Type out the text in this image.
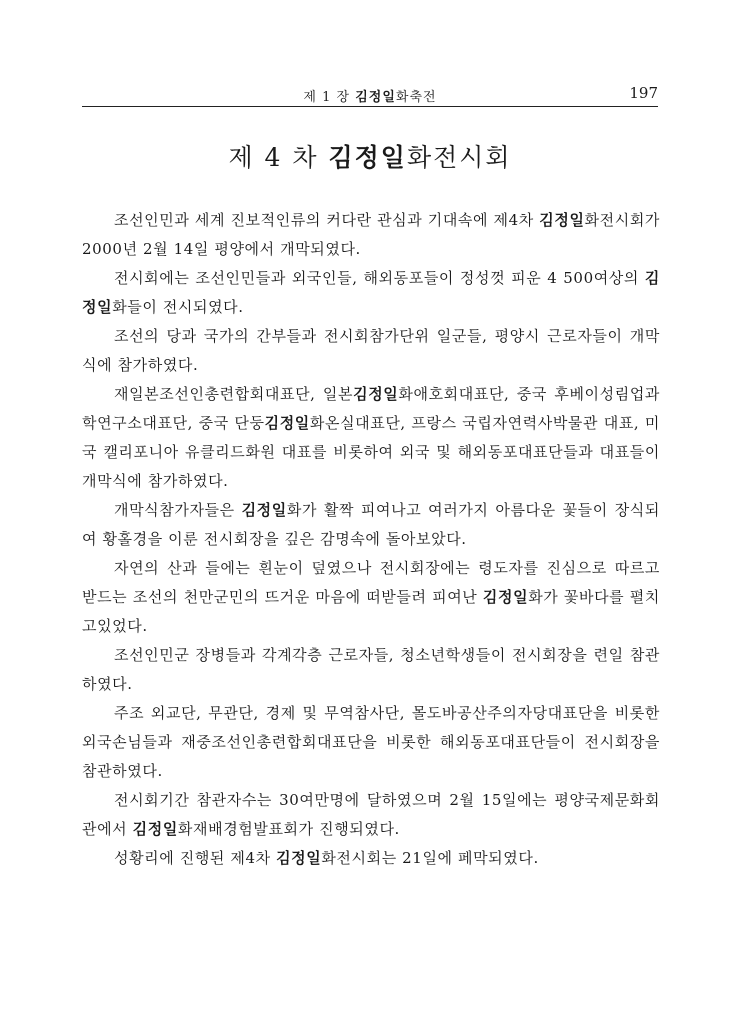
제 1 장 김정일화축전	197
제 4 차 김정일화전시회

조선인민과 세계 진보적인류의 커다란 관심과 기대속에 제4차 김정일화전시회가 2000년 2월 14일 평양에서 개막되였다.

전시회에는 조선인민들과 외국인들, 해외동포들이 정성껏 피운 4 500여상의 김정일화들이 전시되였다.

조선의 당과 국가의 간부들과 전시회참가단위 일군들, 평양시 근로자들이 개막식에 참가하였다.

재일본조선인총련합회대표단, 일본김정일화애호회대표단, 중국 후베이성림업과학연구소대표단, 중국 단둥김정일화온실대표단, 프랑스 국립자연력사박물관 대표, 미국 캘리포니아 유클리드화원 대표를 비롯하여 외국 및 해외동포대표단들과 대표들이 개막식에 참가하였다.

개막식참가자들은 김정일화가 활짝 피여나고 여러가지 아름다운 꽃들이 장식되여 황홀경을 이룬 전시회장을 깊은 감명속에 돌아보았다.

자연의 산과 들에는 흰눈이 덮였으나 전시회장에는 령도자를 진심으로 따르고 받드는 조선의 천만군민의 뜨거운 마음에 떠받들려 피여난 김정일화가 꽃바다를 펼치고있었다.

조선인민군 장병들과 각계각층 근로자들, 청소년학생들이 전시회장을 련일 참관하였다.

주조 외교단, 무관단, 경제 및 무역참사단, 몰도바공산주의자당대표단을 비롯한 외국손님들과 재중조선인총련합회대표단을 비롯한 해외동포대표단들이 전시회장을 참관하였다.

전시회기간 참관자수는 30여만명에 달하였으며 2월 15일에는 평양국제문화회관에서 김정일화재배경험발표회가 진행되였다.

성황리에 진행된 제4차 김정일화전시회는 21일에 페막되였다.
